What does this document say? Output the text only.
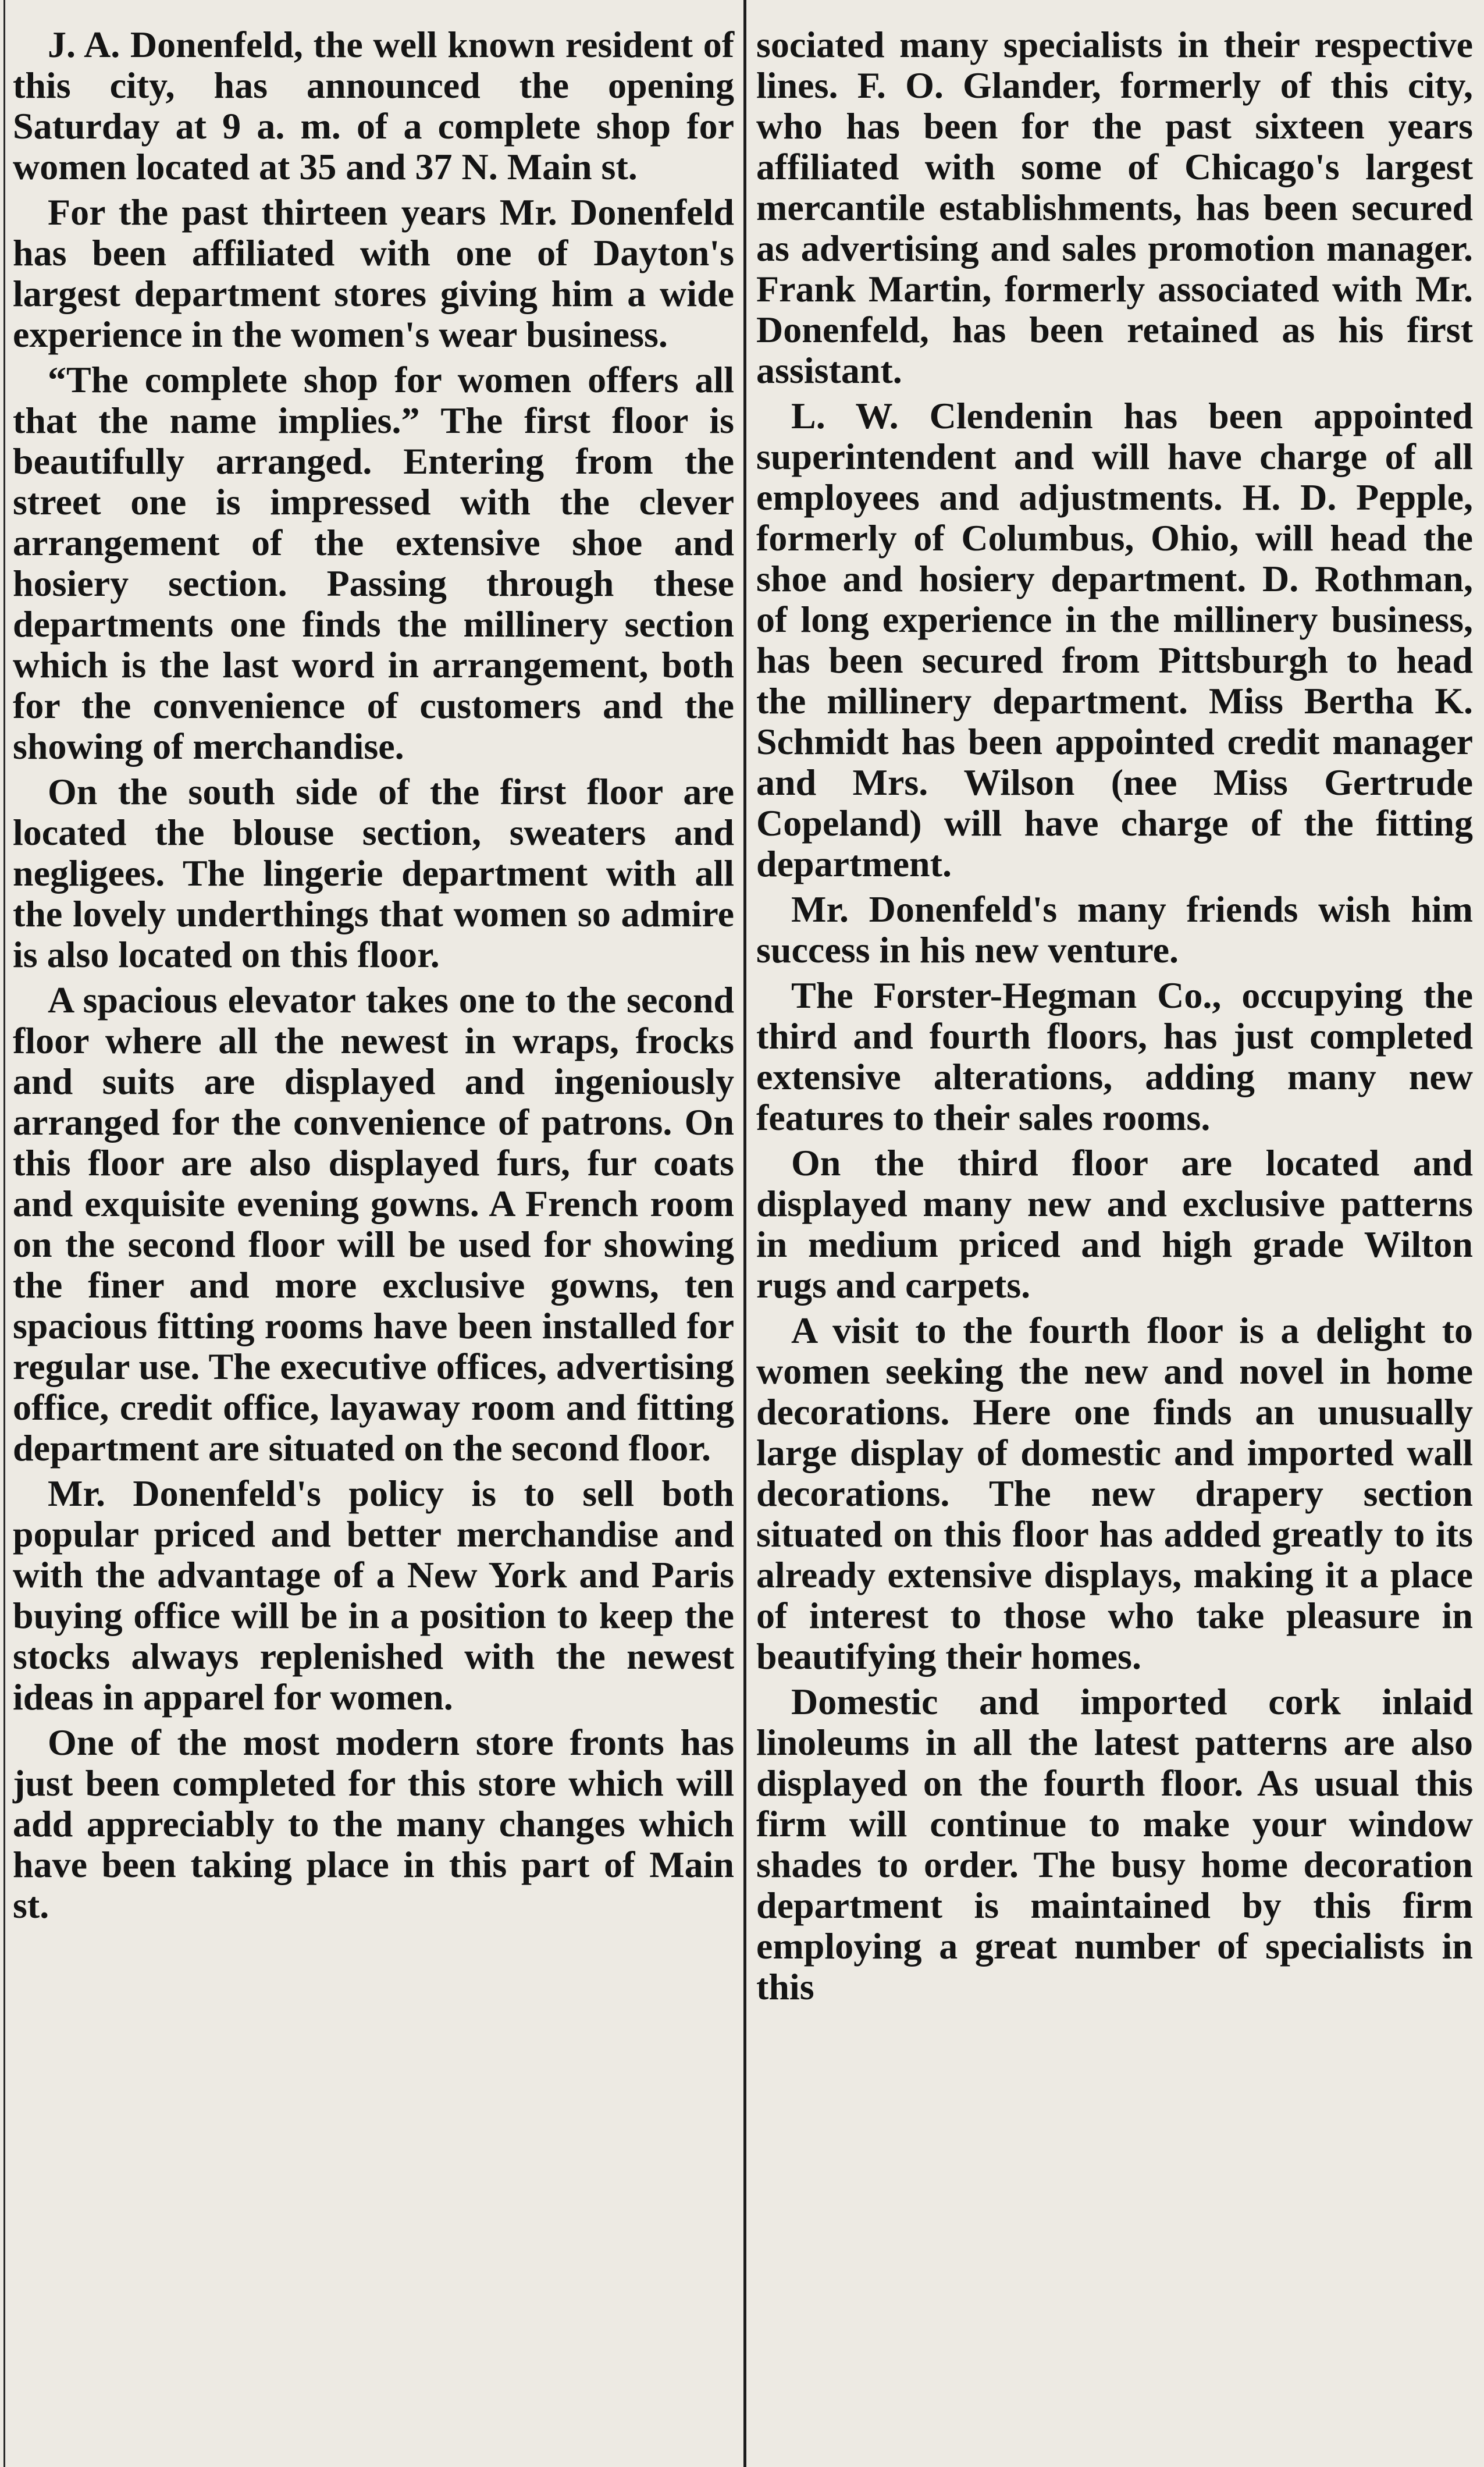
J. A. Donenfeld, the well known resident of this city, has announced the opening Saturday at 9 a. m. of a complete shop for women located at 35 and 37 N. Main st.

For the past thirteen years Mr. Donenfeld has been affiliated with one of Dayton's largest department stores giving him a wide experience in the women's wear business.

“The complete shop for women offers all that the name implies.” The first floor is beautifully arranged. Entering from the street one is impressed with the clever arrangement of the extensive shoe and hosiery section. Passing through these departments one finds the millinery section which is the last word in arrangement, both for the convenience of customers and the showing of merchandise.

On the south side of the first floor are located the blouse section, sweaters and negligees. The lingerie department with all the lovely underthings that women so admire is also located on this floor.

A spacious elevator takes one to the second floor where all the newest in wraps, frocks and suits are displayed and ingeniously arranged for the convenience of patrons. On this floor are also displayed furs, fur coats and exquisite evening gowns. A French room on the second floor will be used for showing the finer and more exclusive gowns, ten spacious fitting rooms have been installed for regular use. The executive offices, advertising office, credit office, layaway room and fitting department are situated on the second floor.

Mr. Donenfeld's policy is to sell both popular priced and better merchandise and with the advantage of a New York and Paris buying office will be in a position to keep the stocks always replenished with the newest ideas in apparel for women.

One of the most modern store fronts has just been completed for this store which will add appreciably to the many changes which have been taking place in this part of Main st.

sociated many specialists in their respective lines. F. O. Glander, formerly of this city, who has been for the past sixteen years affiliated with some of Chicago's largest mercantile establishments, has been secured as advertising and sales promotion manager. Frank Martin, formerly associated with Mr. Donenfeld, has been retained as his first assistant.

L. W. Clendenin has been appointed superintendent and will have charge of all employees and adjustments. H. D. Pepple, formerly of Columbus, Ohio, will head the shoe and hosiery department. D. Rothman, of long experience in the millinery business, has been secured from Pittsburgh to head the millinery department. Miss Bertha K. Schmidt has been appointed credit manager and Mrs. Wilson (nee Miss Gertrude Copeland) will have charge of the fitting department.

Mr. Donenfeld's many friends wish him success in his new venture.

The Forster-Hegman Co., occupying the third and fourth floors, has just completed extensive alterations, adding many new features to their sales rooms.

On the third floor are located and displayed many new and exclusive patterns in medium priced and high grade Wilton rugs and carpets.

A visit to the fourth floor is a delight to women seeking the new and novel in home decorations. Here one finds an unusually large display of domestic and imported wall decorations. The new drapery section situated on this floor has added greatly to its already extensive displays, making it a place of interest to those who take pleasure in beautifying their homes.

Domestic and imported cork inlaid linoleums in all the latest patterns are also displayed on the fourth floor. As usual this firm will continue to make your window shades to order. The busy home decoration department is maintained by this firm employing a great number of specialists in this
